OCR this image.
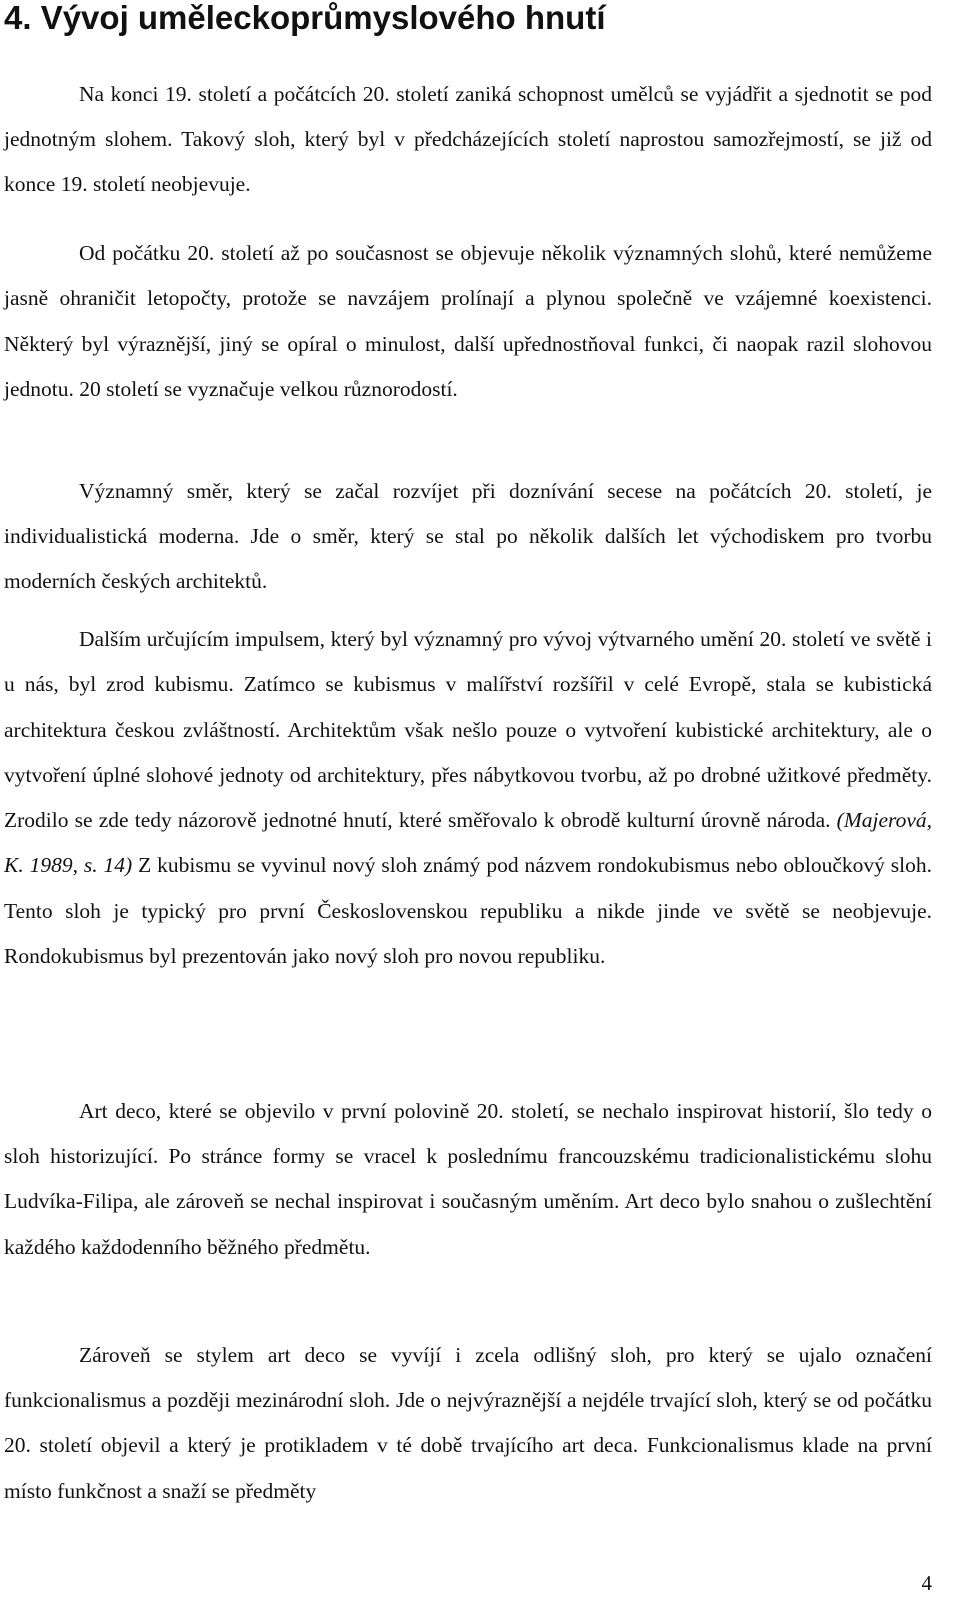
4. Vývoj uměleckoprůmyslového hnutí

Na konci 19. století a počátcích 20. století zaniká schopnost umělců se vyjádřit a sjednotit se pod jednotným slohem. Takový sloh, který byl v předcházejících století naprostou samozřejmostí, se již od konce 19. století neobjevuje.

Od počátku 20. století až po současnost se objevuje několik významných slohů, které nemůžeme jasně ohraničit letopočty, protože se navzájem prolínají a plynou společně ve vzájemné koexistenci. Některý byl výraznější, jiný se opíral o minulost, další upřednostňoval funkci, či naopak razil slohovou jednotu. 20 století se vyznačuje velkou různorodostí.

Významný směr, který se začal rozvíjet při doznívání secese na počátcích 20. století, je individualistická moderna. Jde o směr, který se stal po několik dalších let východiskem pro tvorbu moderních českých architektů.

Dalším určujícím impulsem, který byl významný pro vývoj výtvarného umění 20. století ve světě i u nás, byl zrod kubismu. Zatímco se kubismus v malířství rozšířil v celé Evropě, stala se kubistická architektura českou zvláštností. Architektům však nešlo pouze o vytvoření kubistické architektury, ale o vytvoření úplné slohové jednoty od architektury, přes nábytkovou tvorbu, až po drobné užitkové předměty. Zrodilo se zde tedy názorově jednotné hnutí, které směřovalo k obrodě kulturní úrovně národa. (Majerová, K. 1989, s. 14) Z kubismu se vyvinul nový sloh známý pod názvem rondokubismus nebo obloučkový sloh. Tento sloh je typický pro první Československou republiku a nikde jinde ve světě se neobjevuje. Rondokubismus byl prezentován jako nový sloh pro novou republiku.

Art deco, které se objevilo v první polovině 20. století, se nechalo inspirovat historií, šlo tedy o sloh historizující. Po stránce formy se vracel k poslednímu francouzskému tradicionalistickému slohu Ludvíka-Filipa, ale zároveň se nechal inspirovat i současným uměním. Art deco bylo snahou o zušlechtění každého každodenního běžného předmětu.

Zároveň se stylem art deco se vyvíjí i zcela odlišný sloh, pro který se ujalo označení funkcionalismus a později mezinárodní sloh. Jde o nejvýraznější a nejdéle trvající sloh, který se od počátku 20. století objevil a který je protikladem v té době trvajícího art deca. Funkcionalismus klade na první místo funkčnost a snaží se předměty

4
